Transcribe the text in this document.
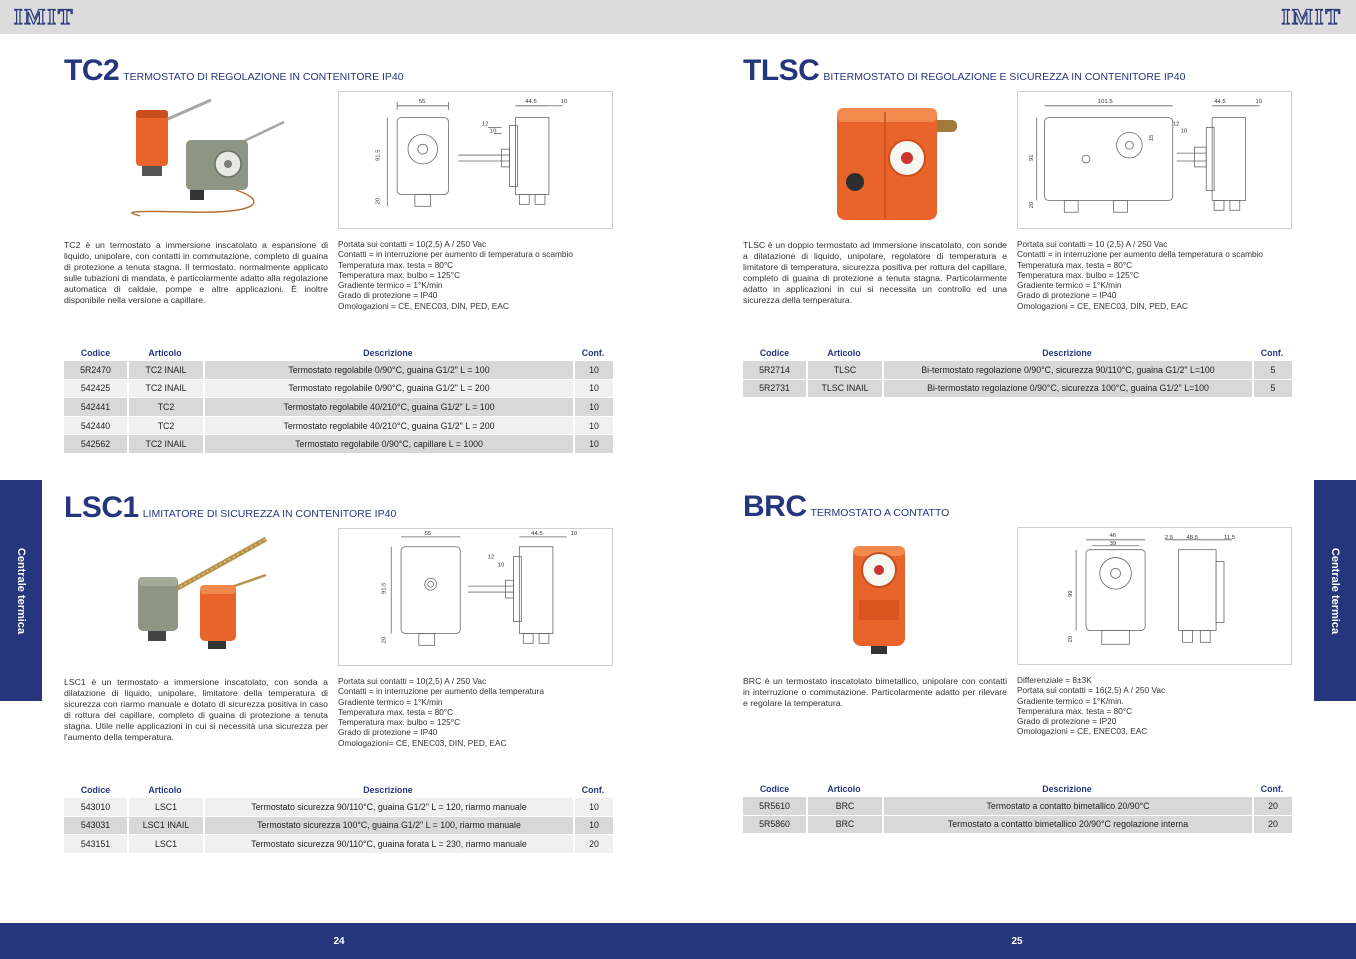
IMIT	IMIT
Centrale termica	Centrale termica
TC2 TERMOSTATO DI REGOLAZIONE IN CONTENITORE IP40
55	44.5	10
12
10
91.5
20

TC2 è un termostato a immersione inscatolato a espansione di liquido, unipolare, con contatti in commutazione, completo di guaina di protezione a tenuta stagna. Il termostato, normalmente applicato sulle tubazioni di mandata, è particolarmente adatto alla regolazione automatica di caldaie, pompe e altre applicazioni. È inoltre disponibile nella versione a capillare.

Portata sui contatti = 10(2,5) A / 250 Vac
Contatti = in interruzione per aumento di temperatura o scambio
Temperatura max. testa = 80°C
Temperatura max. bulbo = 125°C
Gradiente termico = 1°K/min
Grado di protezione = IP40
Omologazioni = CE, ENEC03, DIN, PED, EAC
Codice	Articolo	Descrizione	Conf.
5R2470	TC2 INAIL	Termostato regolabile 0/90°C, guaina G1/2" L = 100	10
542425	TC2 INAIL	Termostato regolabile 0/90°C, guaina G1/2" L = 200	10
542441	TC2	Termostato regolabile 40/210°C, guaina G1/2" L = 100	10
542440	TC2	Termostato regolabile 40/210°C, guaina G1/2" L = 200	10
542562	TC2 INAIL	Termostato regolabile 0/90°C, capillare L = 1000	10
TLSC BITERMOSTATO DI REGOLAZIONE E SICUREZZA IN CONTENITORE IP40
101.5	44.5	10
12
10
91
15
20

TLSC è un doppio termostato ad immersione inscatolato, con sonde a dilatazione di liquido, unipolare, regolatore di temperatura e limitatore di temperatura, sicurezza positiva per rottura del capillare, completo di guaina di protezione a tenuta stagna. Particolarmente adatto in applicazioni in cui si necessita un controllo ed una sicurezza della temperatura.

Portata sui contatti = 10 (2,5) A / 250 Vac
Contatti = in interruzione per aumento della temperatura o scambio
Temperatura max. testa = 80°C
Temperatura max. bulbo = 125°C
Gradiente termico = 1°K/min
Grado di protezione = IP40
Omologazioni = CE, ENEC03, DIN, PED, EAC
Codice	Articolo	Descrizione	Conf.
5R2714	TLSC	Bi-termostato regolazione 0/90°C, sicurezza 90/110°C, guaina G1/2" L=100	5
5R2731	TLSC INAIL	Bi-termostato regolazione 0/90°C, sicurezza 100°C, guaina G1/2" L=100	5
LSC1 LIMITATORE DI SICUREZZA IN CONTENITORE IP40
55	44.5	10
12
10
91.5
20

LSC1 è un termostato a immersione inscatolato, con sonda a dilatazione di liquido, unipolare, limitatore della temperatura di sicurezza con riarmo manuale e dotato di sicurezza positiva in caso di rottura del capillare, completo di guaina di protezione a tenuta stagna. Utile nelle applicazioni in cui si necessità una sicurezza per l'aumento della temperatura.

Portata sui contatti = 10(2,5) A / 250 Vac
Contatti = in interruzione per aumento della temperatura
Gradiente termico = 1°K/min
Temperatura max. testa = 80°C
Temperatura max. bulbo = 125°C
Grado di protezione = IP40
Omologazioni= CE, ENEC03, DIN, PED, EAC
Codice	Articolo	Descrizione	Conf.
543010	LSC1	Termostato sicurezza 90/110°C, guaina G1/2" L = 120, riarmo manuale	10
543031	LSC1 INAIL	Termostato sicurezza 100°C, guaina G1/2" L = 100, riarmo manuale	10
543151	LSC1	Termostato sicurezza 90/110°C, guaina forata L = 230, riarmo manuale	20
BRC TERMOSTATO A CONTATTO
46
39
2.5 48.5	11.5
99
20

BRC è un termostato inscatolato bimetallico, unipolare con contatti in interruzione o commutazione. Particolarmente adatto per rilevare e regolare la temperatura.

Differenziale = 8±3K
Portata sui contatti = 16(2,5) A / 250 Vac
Gradiente termico = 1°K/min.
Temperatura max. testa = 80°C
Grado di protezione = IP20
Omologazioni = CE, ENEC03, EAC
Codice	Articolo	Descrizione	Conf.
5R5610	BRC	Termostato a contatto bimetallico 20/90°C	20
5R5860	BRC	Termostato a contatto bimetallico 20/90°C regolazione interna	20
24	25
